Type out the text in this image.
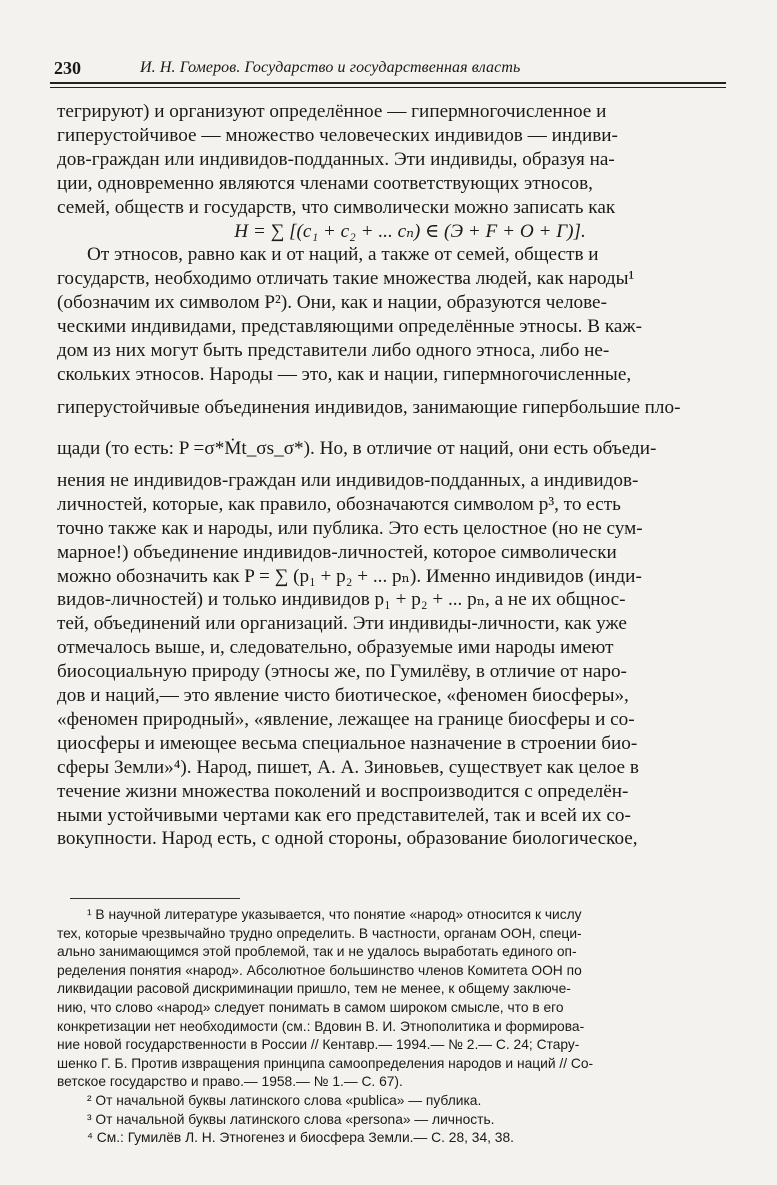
230	И. Н. Гомеров. Государство и государственная власть
тегрируют) и организуют определённое — гипермногочисленное и
гиперустойчивое — множество человеческих индивидов — индиви-
дов-граждан или индивидов-подданных. Эти индивиды, образуя на-
ции, одновременно являются членами соответствующих этносов,
семей, обществ и государств, что символически можно записать как
H = ∑ [(c₁ + c₂ + ... cₙ) ∈ (Э + F + O + Г)].
От этносов, равно как и от наций, а также от семей, обществ и
государств, необходимо отличать такие множества людей, как народы¹
(обозначим их символом P²). Они, как и нации, образуются челове-
ческими индивидами, представляющими определённые этносы. В каж-
дом из них могут быть представители либо одного этноса, либо не-
скольких этносов. Народы — это, как и нации, гипермногочисленные,
гиперустойчивые объединения индивидов, занимающие гипербольшие пло-
щади (то есть: P =σ*Ṁt_σs_σ*). Но, в отличие от наций, они есть объеди-
нения не индивидов-граждан или индивидов-подданных, а индивидов-
личностей, которые, как правило, обозначаются символом p³, то есть
точно также как и народы, или публика. Это есть целостное (но не сум-
марное!) объединение индивидов-личностей, которое символически
можно обозначить как P = ∑ (p₁ + p₂ + ... pₙ). Именно индивидов (инди-
видов-личностей) и только индивидов p₁ + p₂ + ... pₙ, а не их общнос-
тей, объединений или организаций. Эти индивиды-личности, как уже
отмечалось выше, и, следовательно, образуемые ими народы имеют
биосоциальную природу (этносы же, по Гумилёву, в отличие от наро-
дов и наций,— это явление чисто биотическое, «феномен биосферы»,
«феномен природный», «явление, лежащее на границе биосферы и со-
циосферы и имеющее весьма специальное назначение в строении био-
сферы Земли»⁴). Народ, пишет, А. А. Зиновьев, существует как целое в
течение жизни множества поколений и воспроизводится с определён-
ными устойчивыми чертами как его представителей, так и всей их со-
вокупности. Народ есть, с одной стороны, образование биологическое,
¹ В научной литературе указывается, что понятие «народ» относится к числу
тех, которые чрезвычайно трудно определить. В частности, органам ООН, специ-
ально занимающимся этой проблемой, так и не удалось выработать единого оп-
ределения понятия «народ». Абсолютное большинство членов Комитета ООН по
ликвидации расовой дискриминации пришло, тем не менее, к общему заключе-
нию, что слово «народ» следует понимать в самом широком смысле, что в его
конкретизации нет необходимости (см.: Вдовин В. И. Этнополитика и формирова-
ние новой государственности в России // Кентавр.— 1994.— № 2.— С. 24; Стару-
шенко Г. Б. Против извращения принципа самоопределения народов и наций // Со-
ветское государство и право.— 1958.— № 1.— С. 67).
² От начальной буквы латинского слова «publica» — публика.
³ От начальной буквы латинского слова «persona» — личность.
⁴ См.: Гумилёв Л. Н. Этногенез и биосфера Земли.— С. 28, 34, 38.
